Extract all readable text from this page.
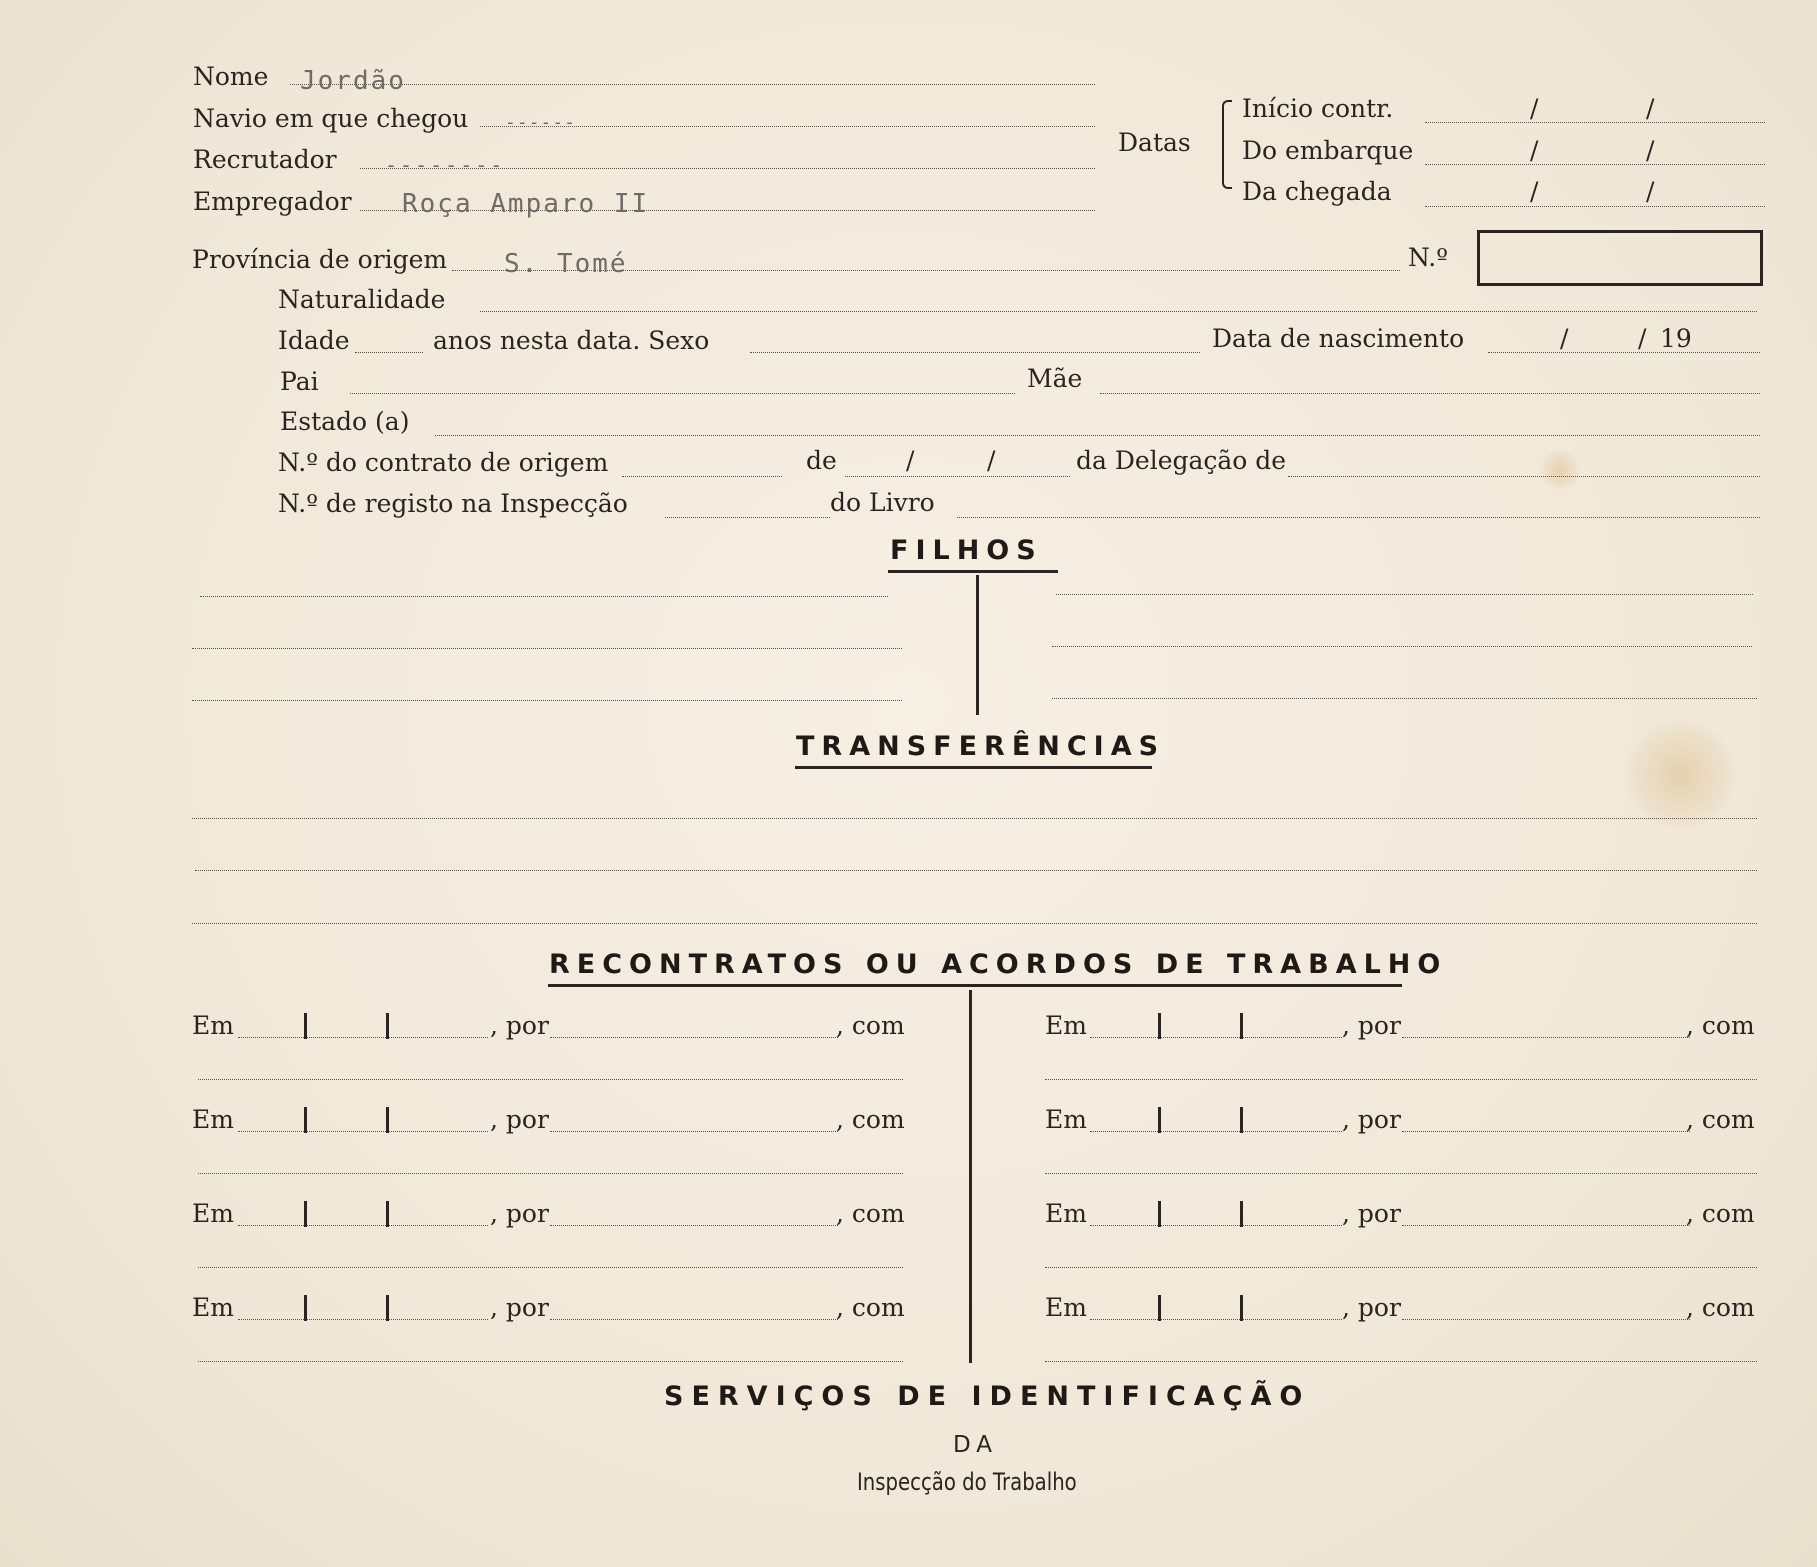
Nome Jordão
Navio em que chegou ------
Recrutador --------
Empregador Roça Amparo II
Datas
Início contr.	/	/
Do embarque	/	/
Da chegada	/	/
Província de origem S. Tomé	N.º
Naturalidade
Idade	anos nesta data. Sexo	Data de nascimento	/	/ 19
Pai	Mãe
Estado (a)
N.º do contrato de origem	de	/	/	da Delegação de
N.º de registo na Inspecção	do Livro
FILHOS
TRANSFERÊNCIAS
RECONTRATOS OU ACORDOS DE TRABALHO
Em	, por	, com
Em	, por	, com
Em	, por	, com
Em	, por	, com
Em	, por	, com
Em	, por	, com
Em	, por	, com
Em	, por	, com
SERVIÇOS DE IDENTIFICAÇÃO
DA
Inspecção do Trabalho
